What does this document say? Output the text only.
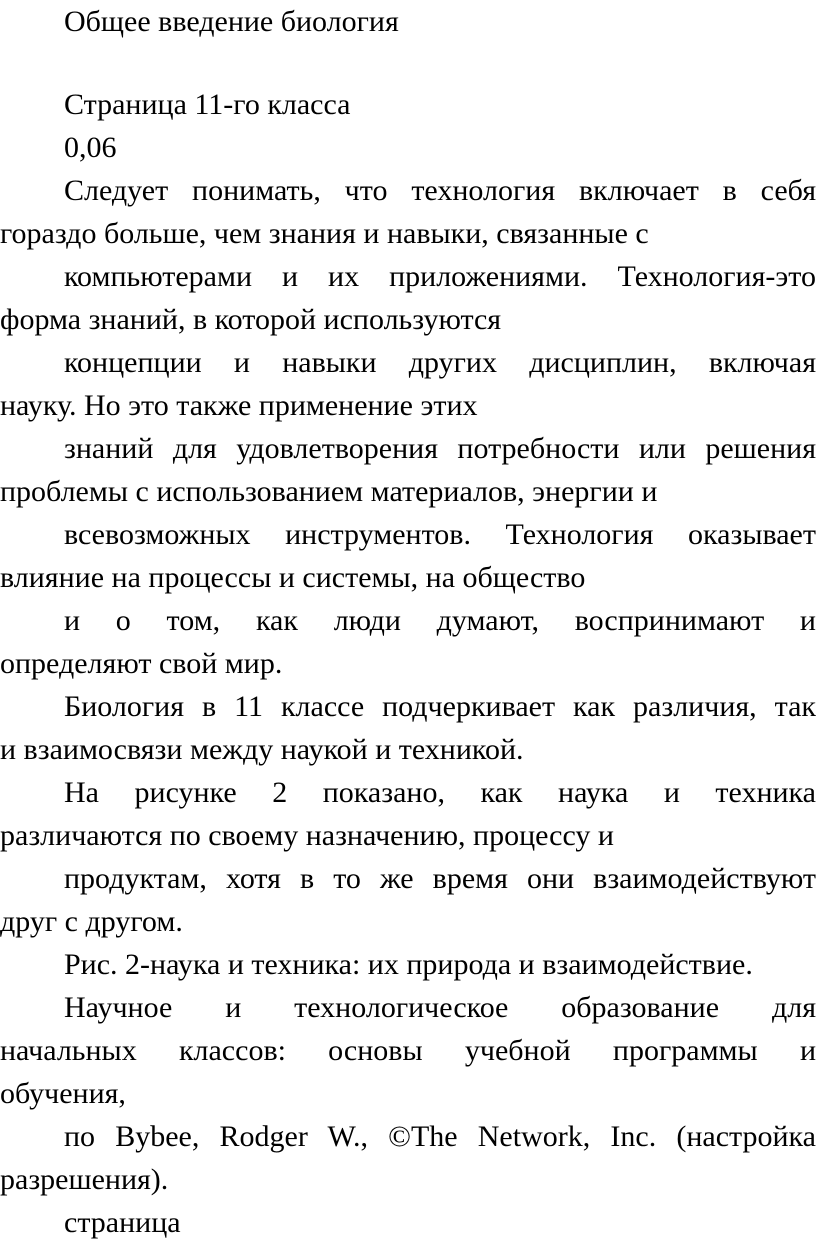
Общее введение биология

Страница 11-го класса

0,06

Следует понимать, что технология включает в себя

гораздо больше, чем знания и навыки, связанные с

компьютерами и их приложениями. Технология-это

форма знаний, в которой используются

концепции и навыки других дисциплин, включая

науку. Но это также применение этих

знаний для удовлетворения потребности или решения

проблемы с использованием материалов, энергии и

всевозможных инструментов. Технология оказывает

влияние на процессы и системы, на общество

и о том, как люди думают, воспринимают и

определяют свой мир.

Биология в 11 классе подчеркивает как различия, так

и взаимосвязи между наукой и техникой.

На рисунке 2 показано, как наука и техника

различаются по своему назначению, процессу и

продуктам, хотя в то же время они взаимодействуют

друг с другом.

Рис. 2-наука и техника: их природа и взаимодействие.

Научное и технологическое образование для

начальных классов: основы учебной программы и

обучения,

по Bybee, Rodger W., ©The Network, Inc. (настройка

разрешения).

страница
